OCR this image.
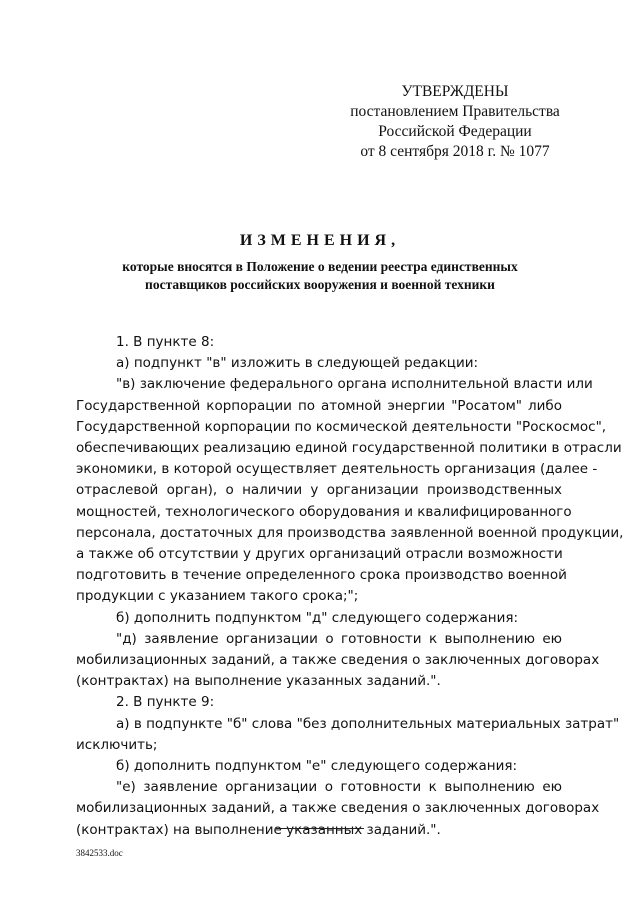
УТВЕРЖДЕНЫ
постановлением Правительства
Российской Федерации
от 8 сентября 2018 г. № 1077
ИЗМЕНЕНИЯ,
которые вносятся в Положение о ведении реестра единственных
поставщиков российских вооружения и военной техники

1. В пункте 8:

а) подпункт "в" изложить в следующей редакции:

"в) заключение федерального органа исполнительной власти или

Государственной корпорации по атомной энергии "Росатом" либо

Государственной корпорации по космической деятельности "Роскосмос",

обеспечивающих реализацию единой государственной политики в отрасли

экономики, в которой осуществляет деятельность организация (далее -

отраслевой орган), о наличии у организации производственных

мощностей, технологического оборудования и квалифицированного

персонала, достаточных для производства заявленной военной продукции,

а также об отсутствии у других организаций отрасли возможности

подготовить в течение определенного срока производство военной

продукции с указанием такого срока;";

б) дополнить подпунктом "д" следующего содержания:

"д) заявление организации о готовности к выполнению ею

мобилизационных заданий, а также сведения о заключенных договорах

(контрактах) на выполнение указанных заданий.".

2. В пункте 9:

а) в подпункте "б" слова "без дополнительных материальных затрат"

исключить;

б) дополнить подпунктом "е" следующего содержания:

"е) заявление организации о готовности к выполнению ею

мобилизационных заданий, а также сведения о заключенных договорах

(контрактах) на выполнение указанных заданий.".

3842533.doc
